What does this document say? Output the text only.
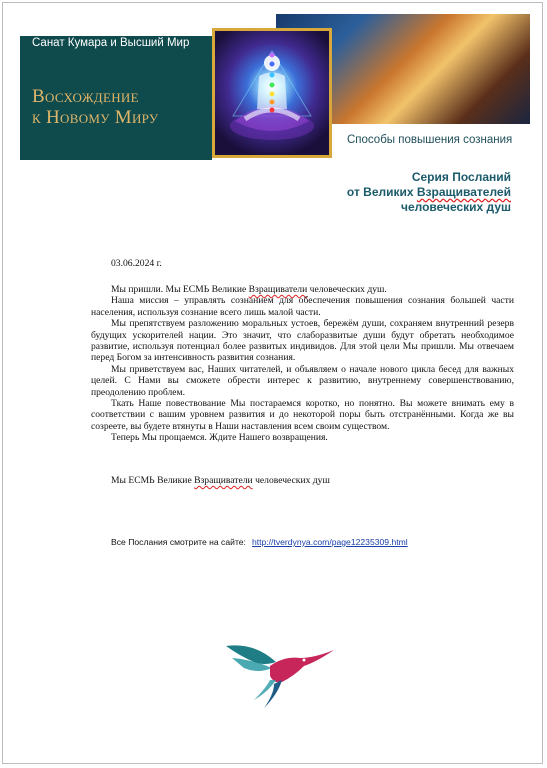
Санат Кумара и Высший Мир
Восхождение
к Новому Миру
Способы повышения сознания
Серия Посланий
от Великих Взращивателей
человеческих душ
03.06.2024 г.

Мы пришли. Мы ЕСМЬ Великие Взращиватели человеческих душ.

Наша миссия – управлять сознанием для обеспечения повышения сознания большей части населения, используя сознание всего лишь малой части.

Мы препятствуем разложению моральных устоев, бережём души, сохраняем внутренний резерв будущих ускорителей нации. Это значит, что слаборазвитые души будут обретать необходимое развитие, используя потенциал более развитых индивидов. Для этой цели Мы пришли. Мы отвечаем перед Богом за интенсивность развития сознания.

Мы приветствуем вас, Наших читателей, и объявляем о начале нового цикла бесед для важных целей. С Нами вы сможете обрести интерес к развитию, внутреннему совершенствованию, преодолению проблем.

Ткать Наше повествование Мы постараемся коротко, но понятно. Вы можете внимать ему в соответствии с вашим уровнем развития и до некоторой поры быть отстранёнными. Когда же вы созреете, вы будете втянуты в Наши наставления всем своим существом.

Теперь Мы прощаемся. Ждите Нашего возвращения.

Мы ЕСМЬ Великие Взращиватели человеческих душ
Все Послания смотрите на сайте: http://tverdynya.com/page12235309.html
